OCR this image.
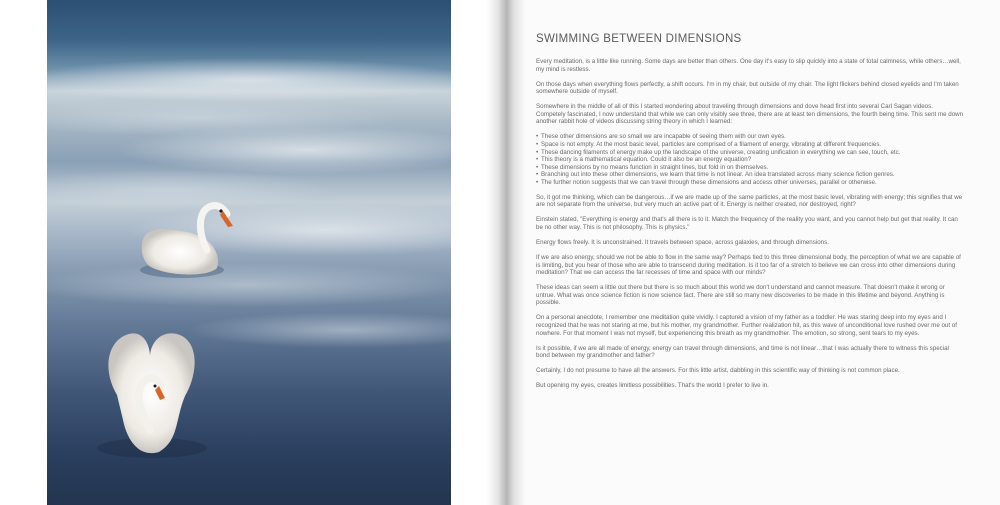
SWIMMING BETWEEN DIMENSIONS

Every meditation, is a little like running. Some days are better than others. One day it's easy to slip quickly into a state of total calmness, while others…well, my mind is restless.

On those days when everything flows perfectly, a shift occurs. I'm in my chair, but outside of my chair. The light flickers behind closed eyelids and I'm taken somewhere outside of myself.

Somewhere in the middle of all of this I started wondering about traveling through dimensions and dove head first into several Carl Sagan videos. Competely fascinated, I now understand that while we can only visibly see three, there are at least ten dimensions, the fourth being time. This sent me down another rabbit hole of videos discussing string theory in which I learned:

• These other dimensions are so small we are incapable of seeing them with our own eyes.
• Space is not empty. At the most basic level, particles are comprised of a filament of energy, vibrating at different frequencies.
• These dancing filaments of energy make up the landscape of the universe, creating unification in everything we can see, touch, etc.
• This theory is a mathematical equation. Could it also be an energy equation?
• These dimensions by no means function in straight lines, but fold in on themselves.
• Branching out into these other dimensions, we learn that time is not linear. An idea translated across many science fiction genres.
• The further notion suggests that we can travel through these dimensions and access other universes, parallel or otherwise.

So, it got me thinking, which can be dangerous…if we are made up of the same particles, at the most basic level, vibrating with energy; this signifies that we are not separate from the universe, but very much an active part of it. Energy is neither created, nor destroyed, right?

Einstein stated, "Everything is energy and that's all there is to it. Match the frequency of the reality you want, and you cannot help but get that reality. It can be no other way. This is not philosophy. This is physics."

Energy flows freely. It is unconstrained. It travels between space, across galaxies, and through dimensions.

If we are also energy, should we not be able to flow in the same way? Perhaps tied to this three dimensional body, the perception of what we are capable of is limiting, but you hear of those who are able to transcend during meditation. Is it too far of a stretch to believe we can cross into other dimensions during meditation? That we can access the far recesses of time and space with our minds?

These ideas can seem a little out there but there is so much about this world we don't understand and cannot measure. That doesn't make it wrong or untrue. What was once science fiction is now science fact. There are still so many new discoveries to be made in this lifetime and beyond. Anything is possible.

On a personal anecdote, I remember one meditation quite vividly. I captured a vision of my father as a toddler. He was staring deep into my eyes and I recognized that he was not staring at me, but his mother, my grandmother. Further realization hit, as this wave of unconditional love rushed over me out of nowhere. For that moment I was not myself, but experiencing this breath as my grandmother. The emotion, so strong, sent tears to my eyes.

Is it possible, if we are all made of energy, energy can travel through dimensions, and time is not linear…that I was actually there to witness this special bond between my grandmother and father?

Certainly, I do not presume to have all the answers. For this little artist, dabbling in this scientific way of thinking is not common place.

But opening my eyes, creates limitless possibilities. That's the world I prefer to live in.
